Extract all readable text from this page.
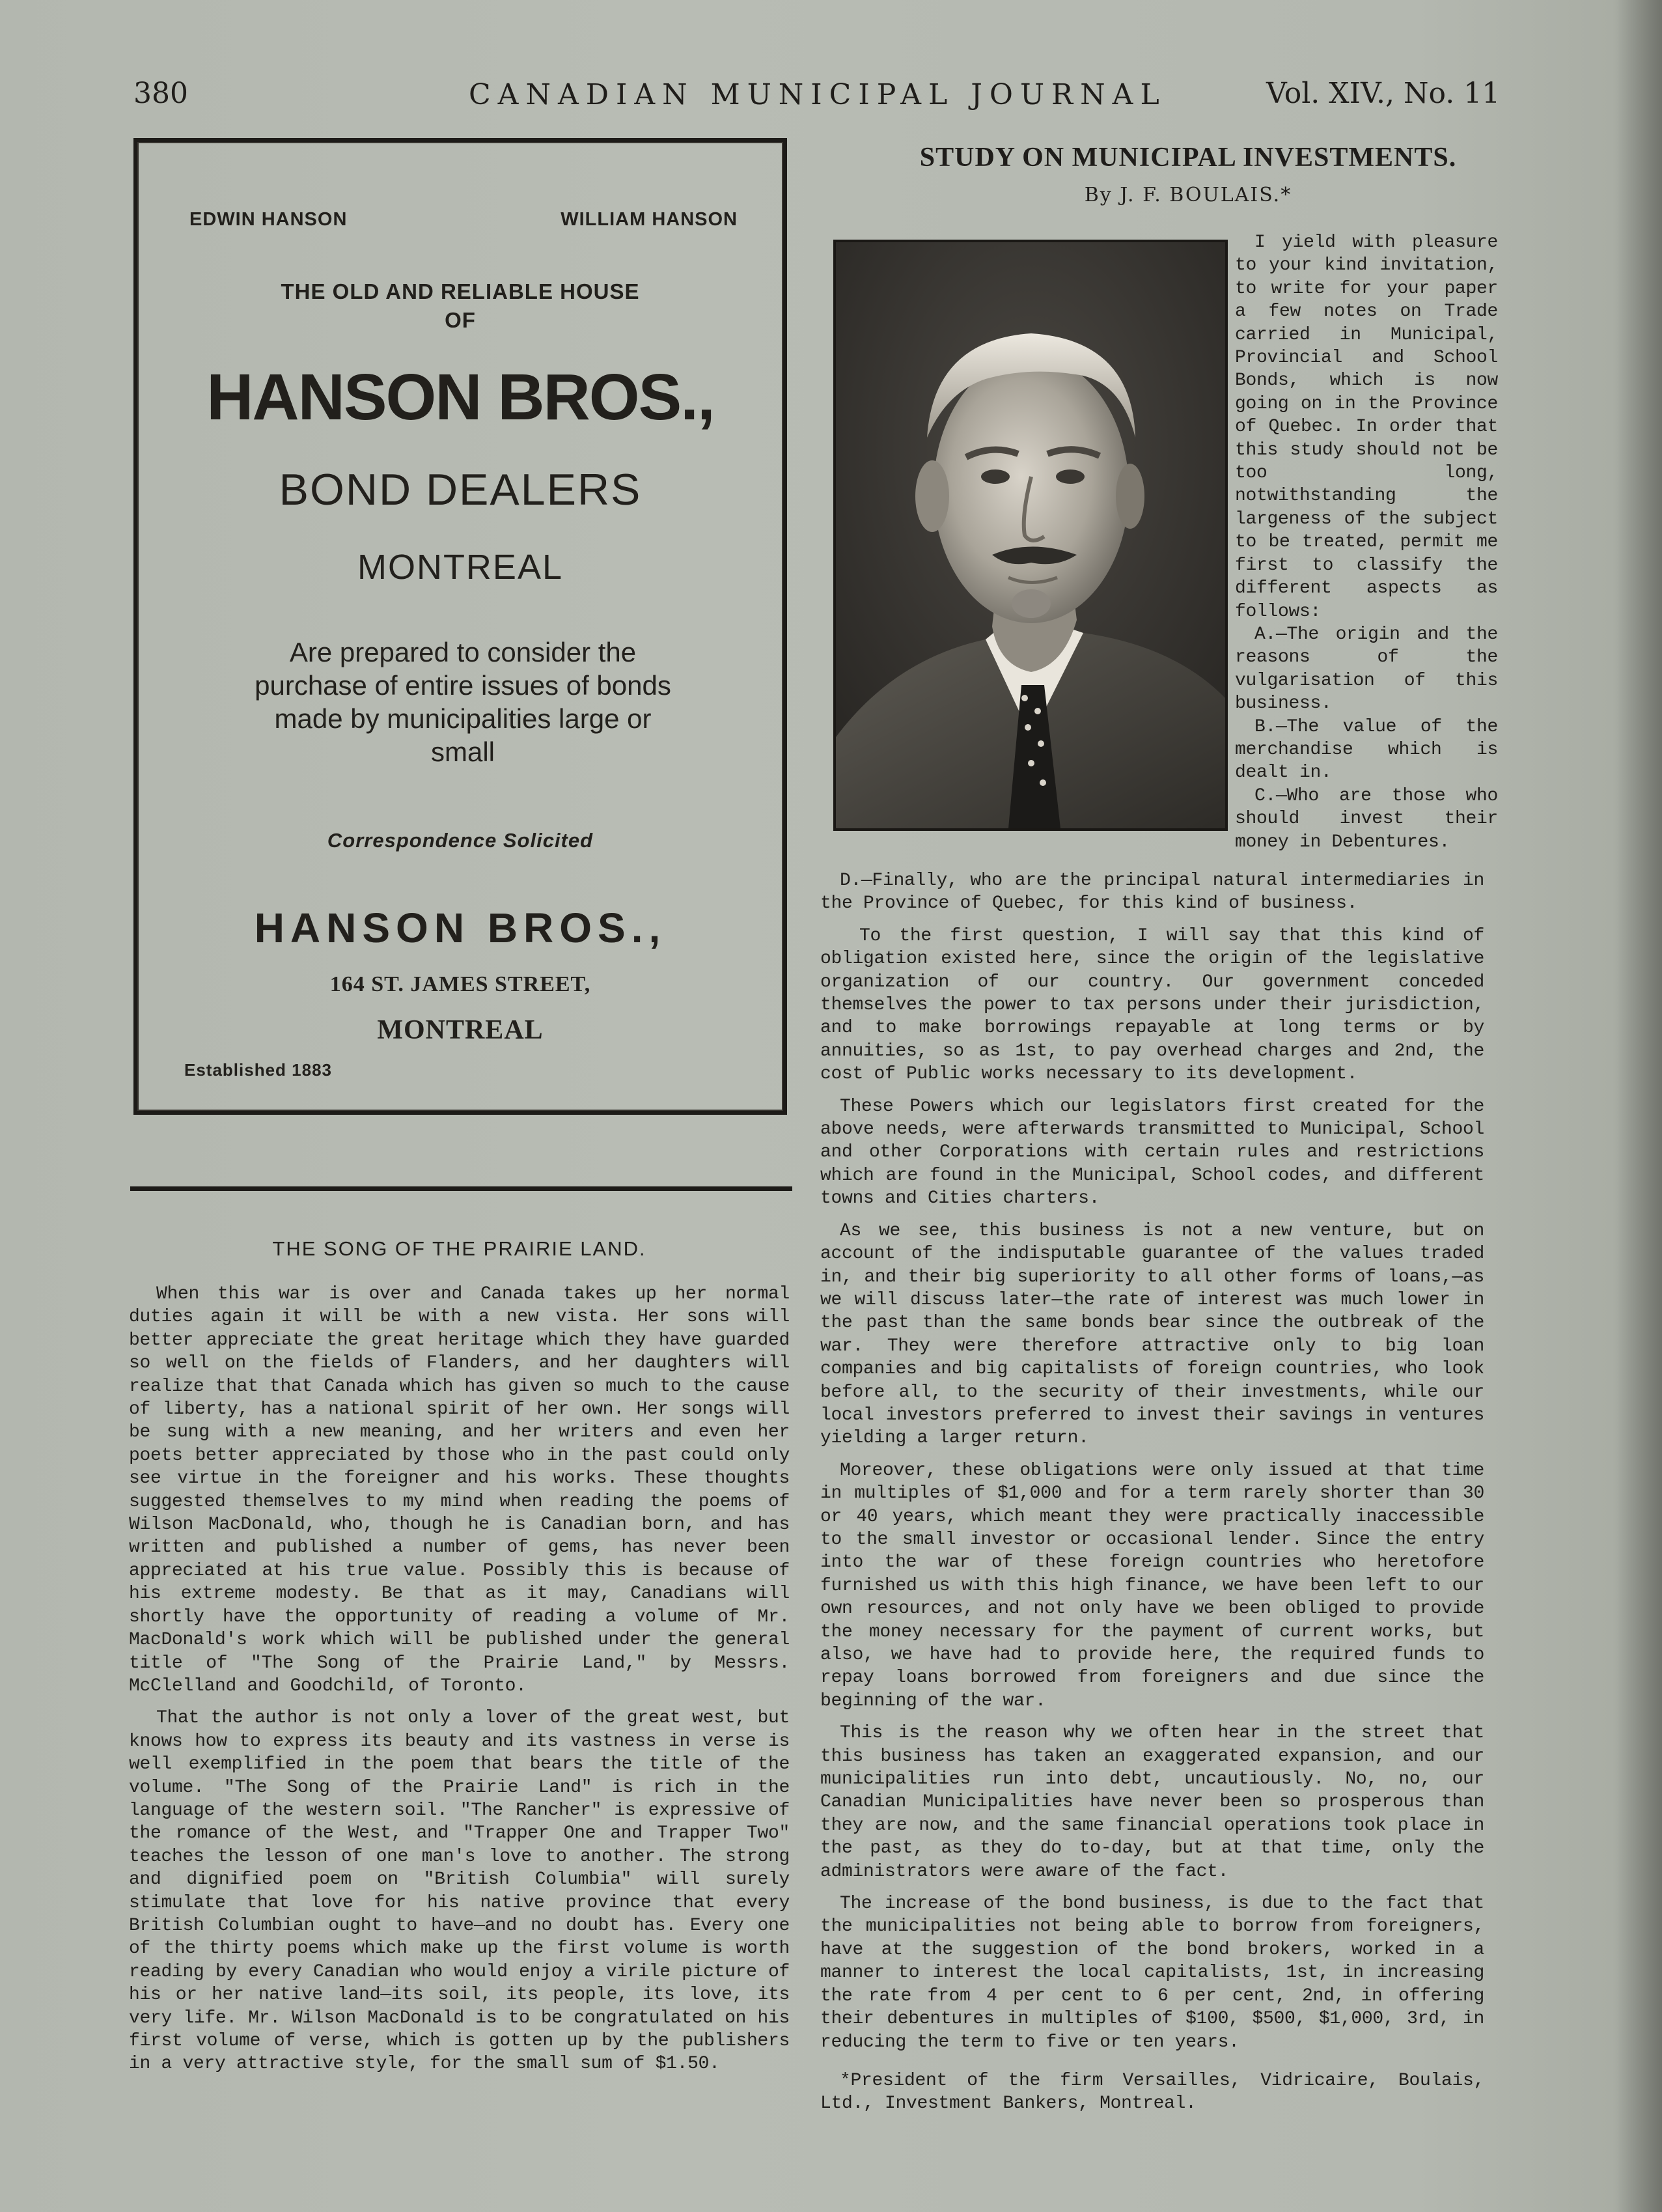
380	CANADIAN MUNICIPAL JOURNAL	Vol. XIV., No. 11
EDWIN HANSON	WILLIAM HANSON
THE OLD AND RELIABLE HOUSE
OF
HANSON BROS.,
BOND DEALERS
MONTREAL
Are prepared to consider the purchase of entire issues of bonds made by municipalities large or small
Correspondence Solicited
HANSON BROS.,
164 ST. JAMES STREET,
MONTREAL
Established 1883
THE SONG OF THE PRAIRIE LAND.

When this war is over and Canada takes up her normal duties again it will be with a new vista. Her sons will better appreciate the great heritage which they have guarded so well on the fields of Flanders, and her daughters will realize that that Canada which has given so much to the cause of liberty, has a national spirit of her own. Her songs will be sung with a new meaning, and her writers and even her poets better appreciated by those who in the past could only see virtue in the foreigner and his works. These thoughts suggested themselves to my mind when reading the poems of Wilson MacDonald, who, though he is Canadian born, and has written and published a number of gems, has never been appreciated at his true value. Possibly this is because of his extreme modesty. Be that as it may, Canadians will shortly have the opportunity of reading a volume of Mr. MacDonald's work which will be published under the general title of "The Song of the Prairie Land," by Messrs. McClelland and Goodchild, of Toronto.

That the author is not only a lover of the great west, but knows how to express its beauty and its vastness in verse is well exemplified in the poem that bears the title of the volume. "The Song of the Prairie Land" is rich in the language of the western soil. "The Rancher" is expressive of the romance of the West, and "Trapper One and Trapper Two" teaches the lesson of one man's love to another. The strong and dignified poem on "British Columbia" will surely stimulate that love for his native province that every British Columbian ought to have—and no doubt has. Every one of the thirty poems which make up the first volume is worth reading by every Canadian who would enjoy a virile picture of his or her native land—its soil, its people, its love, its very life. Mr. Wilson MacDonald is to be congratulated on his first volume of verse, which is gotten up by the publishers in a very attractive style, for the small sum of $1.50.

STUDY ON MUNICIPAL INVESTMENTS.
By J. F. BOULAIS.*

I yield with pleasure to your kind invitation, to write for your paper a few notes on Trade carried in Municipal, Provincial and School Bonds, which is now going on in the Province of Quebec. In order that this study should not be too long, notwithstanding the largeness of the subject to be treated, permit me first to classify the different aspects as follows:

A.—The origin and the reasons of the vulgarisation of this business.

B.—The value of the merchandise which is dealt in.

C.—Who are those who should invest their money in Debentures.

D.—Finally, who are the principal natural intermediaries in the Province of Quebec, for this kind of business.

To the first question, I will say that this kind of obligation existed here, since the origin of the legislative organization of our country. Our government conceded themselves the power to tax persons under their jurisdiction, and to make borrowings repayable at long terms or by annuities, so as 1st, to pay overhead charges and 2nd, the cost of Public works necessary to its development.

These Powers which our legislators first created for the above needs, were afterwards transmitted to Municipal, School and other Corporations with certain rules and restrictions which are found in the Municipal, School codes, and different towns and Cities charters.

As we see, this business is not a new venture, but on account of the indisputable guarantee of the values traded in, and their big superiority to all other forms of loans,—as we will discuss later—the rate of interest was much lower in the past than the same bonds bear since the outbreak of the war. They were therefore attractive only to big loan companies and big capitalists of foreign countries, who look before all, to the security of their investments, while our local investors preferred to invest their savings in ventures yielding a larger return.

Moreover, these obligations were only issued at that time in multiples of $1,000 and for a term rarely shorter than 30 or 40 years, which meant they were practically inaccessible to the small investor or occasional lender. Since the entry into the war of these foreign countries who heretofore furnished us with this high finance, we have been left to our own resources, and not only have we been obliged to provide the money necessary for the payment of current works, but also, we have had to provide here, the required funds to repay loans borrowed from foreigners and due since the beginning of the war.

This is the reason why we often hear in the street that this business has taken an exaggerated expansion, and our municipalities run into debt, uncautiously. No, no, our Canadian Municipalities have never been so prosperous than they are now, and the same financial operations took place in the past, as they do to-day, but at that time, only the administrators were aware of the fact.

The increase of the bond business, is due to the fact that the municipalities not being able to borrow from foreigners, have at the suggestion of the bond brokers, worked in a manner to interest the local capitalists, 1st, in increasing the rate from 4 per cent to 6 per cent, 2nd, in offering their debentures in multiples of $100, $500, $1,000, 3rd, in reducing the term to five or ten years.

*President of the firm Versailles, Vidricaire, Boulais, Ltd., Investment Bankers, Montreal.
